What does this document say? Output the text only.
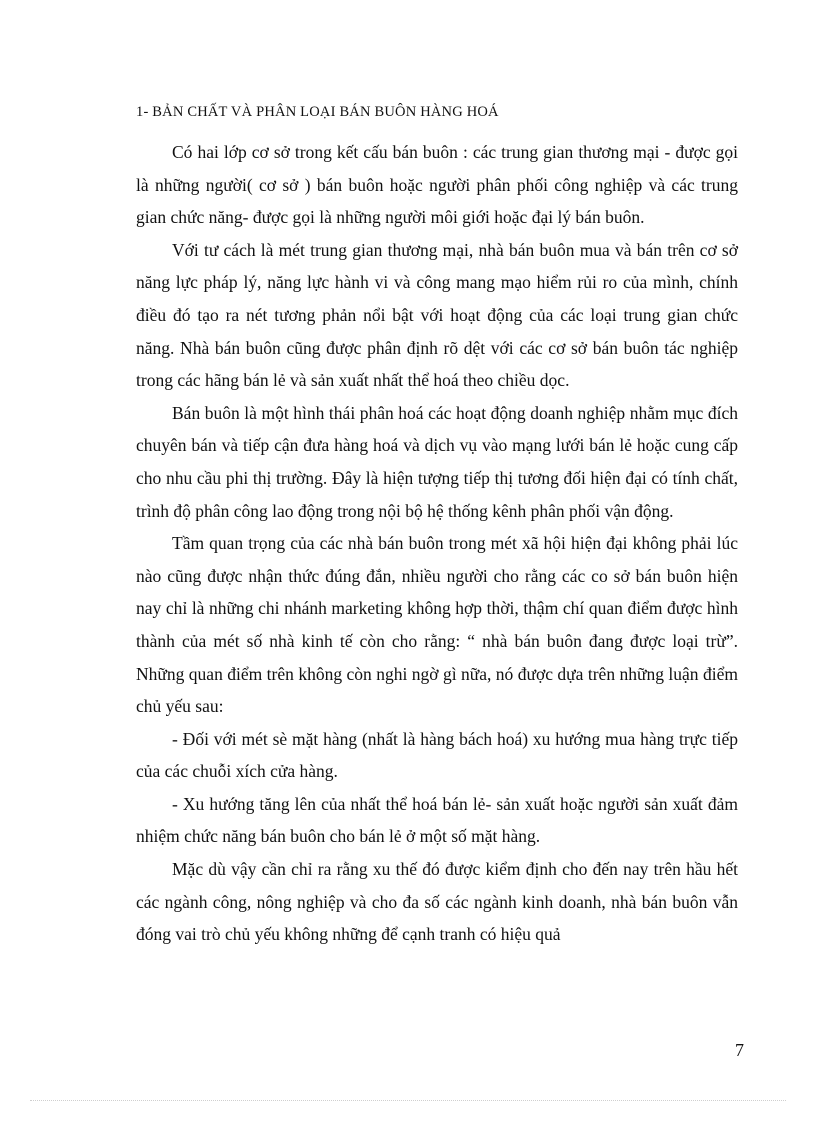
1- BẢN CHẤT VÀ PHÂN LOẠI BÁN BUÔN HÀNG HOÁ

Có hai lớp cơ sở trong kết cấu bán buôn : các trung gian thương mại - được gọi là những người( cơ sở ) bán buôn hoặc người phân phối công nghiệp và các trung gian chức năng- được gọi là những người môi giới hoặc đại lý bán buôn.

Với tư cách là mét trung gian thương mại, nhà bán buôn mua và bán trên cơ sở năng lực pháp lý, năng lực hành vi và công mang mạo hiểm rủi ro của mình, chính điều đó tạo ra nét tương phản nổi bật với hoạt động của các loại trung gian chức năng. Nhà bán buôn cũng được phân định rõ dệt với các cơ sở bán buôn tác nghiệp trong các hãng bán lẻ và sản xuất nhất thể hoá theo chiều dọc.

Bán buôn là một hình thái phân hoá các hoạt động doanh nghiệp nhằm mục đích chuyên bán và tiếp cận đưa hàng hoá và dịch vụ vào mạng lưới bán lẻ hoặc cung cấp cho nhu cầu phi thị trường. Đây là hiện tượng tiếp thị tương đối hiện đại có tính chất, trình độ phân công lao động trong nội bộ hệ thống kênh phân phối vận động.

Tầm quan trọng của các nhà bán buôn trong mét xã hội hiện đại không phải lúc nào cũng được nhận thức đúng đắn, nhiều người cho rằng các co sở bán buôn hiện nay chỉ là những chi nhánh marketing không hợp thời, thậm chí quan điểm được hình thành của mét số nhà kinh tế còn cho rằng: “ nhà bán buôn đang được loại trừ”. Những quan điểm trên không còn nghi ngờ gì nữa, nó được dựa trên những luận điểm chủ yếu sau:

- Đối với mét sè mặt hàng (nhất là hàng bách hoá) xu hướng mua hàng trực tiếp của các chuỗi xích cửa hàng.

- Xu hướng tăng lên của nhất thể hoá bán lẻ- sản xuất hoặc người sản xuất đảm nhiệm chức năng bán buôn cho bán lẻ ở một số mặt hàng.

Mặc dù vậy cần chỉ ra rằng xu thế đó được kiểm định cho đến nay trên hầu hết các ngành công, nông nghiệp và cho đa số các ngành kinh doanh, nhà bán buôn vẫn đóng vai trò chủ yếu không những để cạnh tranh có hiệu quả

7
